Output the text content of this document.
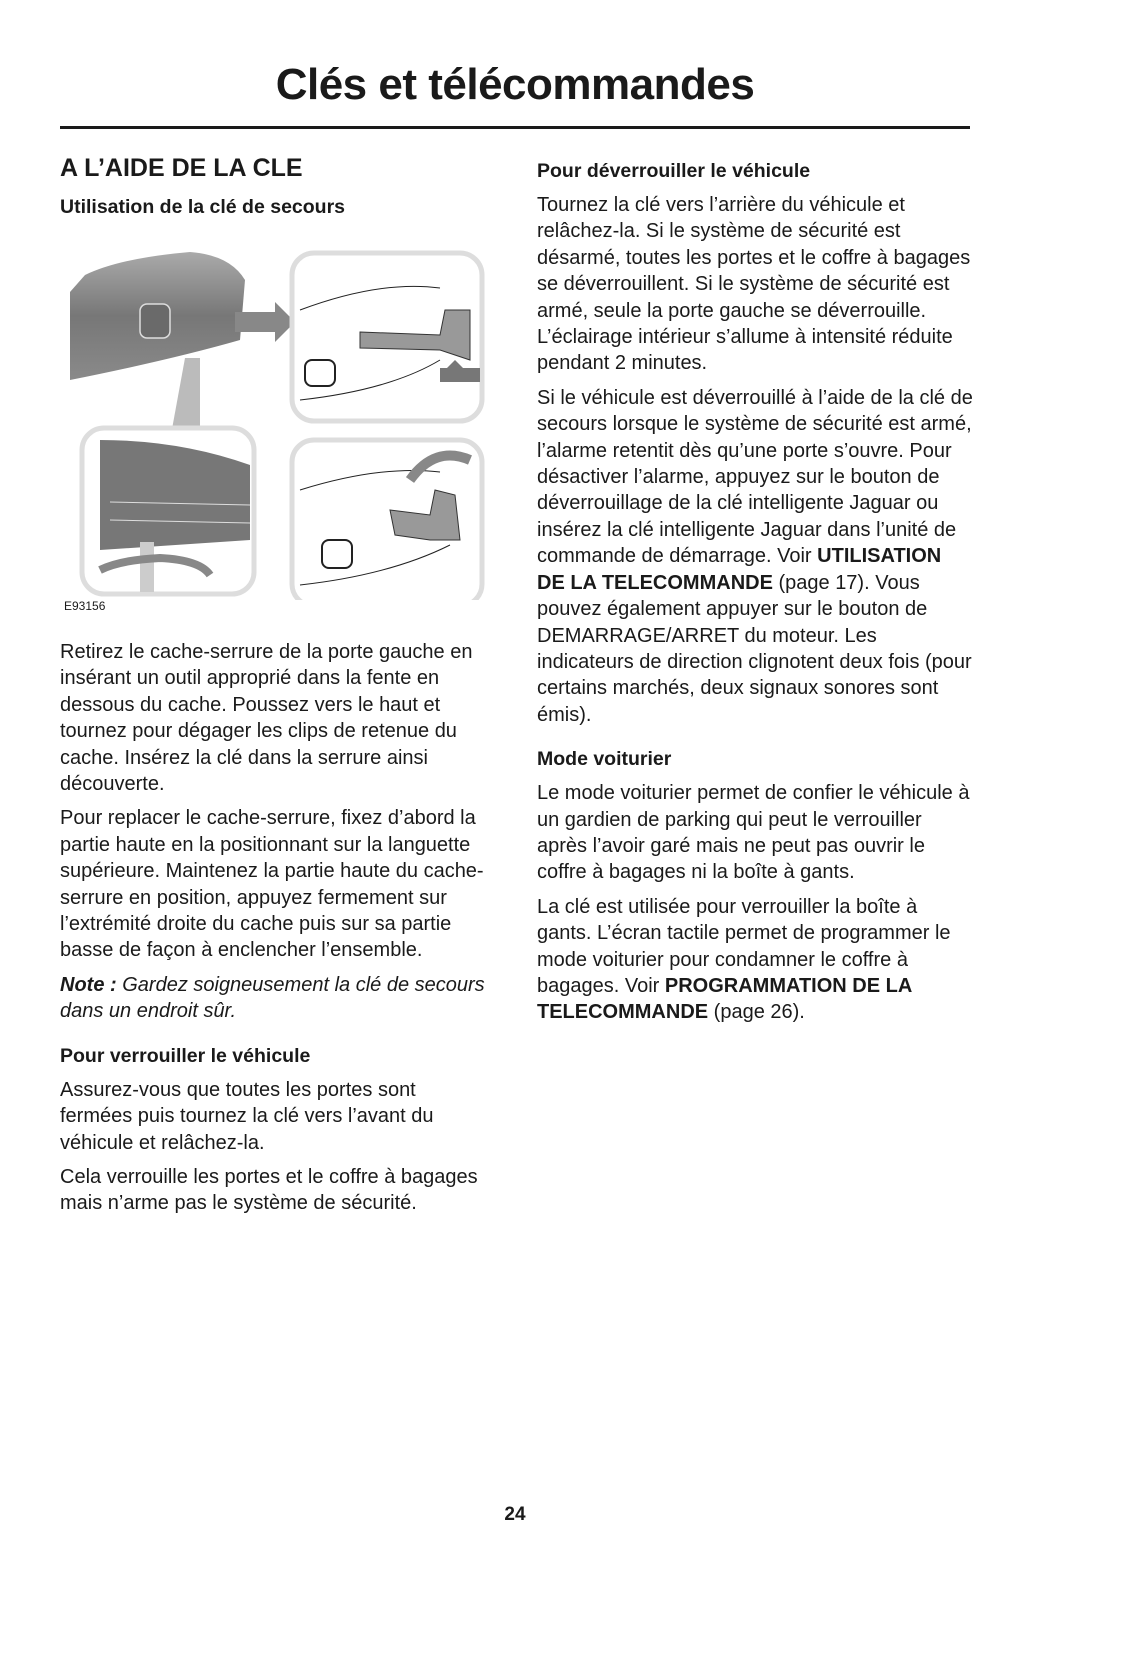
Clés et télécommandes
A L’AIDE DE LA CLE
Utilisation de la clé de secours
E93156

Retirez le cache-serrure de la porte gauche en insérant un outil approprié dans la fente en dessous du cache. Poussez vers le haut et tournez pour dégager les clips de retenue du cache. Insérez la clé dans la serrure ainsi découverte.

Pour replacer le cache-serrure, fixez d’abord la partie haute en la positionnant sur la languette supérieure. Maintenez la partie haute du cache-serrure en position, appuyez fermement sur l’extrémité droite du cache puis sur sa partie basse de façon à enclencher l’ensemble.

Note : Gardez soigneusement la clé de secours dans un endroit sûr.

Pour verrouiller le véhicule

Assurez-vous que toutes les portes sont fermées puis tournez la clé vers l’avant du véhicule et relâchez-la.

Cela verrouille les portes et le coffre à bagages mais n’arme pas le système de sécurité.

Pour déverrouiller le véhicule

Tournez la clé vers l’arrière du véhicule et relâchez-la. Si le système de sécurité est désarmé, toutes les portes et le coffre à bagages se déverrouillent. Si le système de sécurité est armé, seule la porte gauche se déverrouille. L’éclairage intérieur s’allume à intensité réduite pendant 2 minutes.

Si le véhicule est déverrouillé à l’aide de la clé de secours lorsque le système de sécurité est armé, l’alarme retentit dès qu’une porte s’ouvre. Pour désactiver l’alarme, appuyez sur le bouton de déverrouillage de la clé intelligente Jaguar ou insérez la clé intelligente Jaguar dans l’unité de commande de démarrage. Voir UTILISATION DE LA TELECOMMANDE (page 17). Vous pouvez également appuyer sur le bouton de DEMARRAGE/ARRET du moteur. Les indicateurs de direction clignotent deux fois (pour certains marchés, deux signaux sonores sont émis).

Mode voiturier

Le mode voiturier permet de confier le véhicule à un gardien de parking qui peut le verrouiller après l’avoir garé mais ne peut pas ouvrir le coffre à bagages ni la boîte à gants.

La clé est utilisée pour verrouiller la boîte à gants. L’écran tactile permet de programmer le mode voiturier pour condamner le coffre à bagages. Voir PROGRAMMATION DE LA TELECOMMANDE (page 26).

24
